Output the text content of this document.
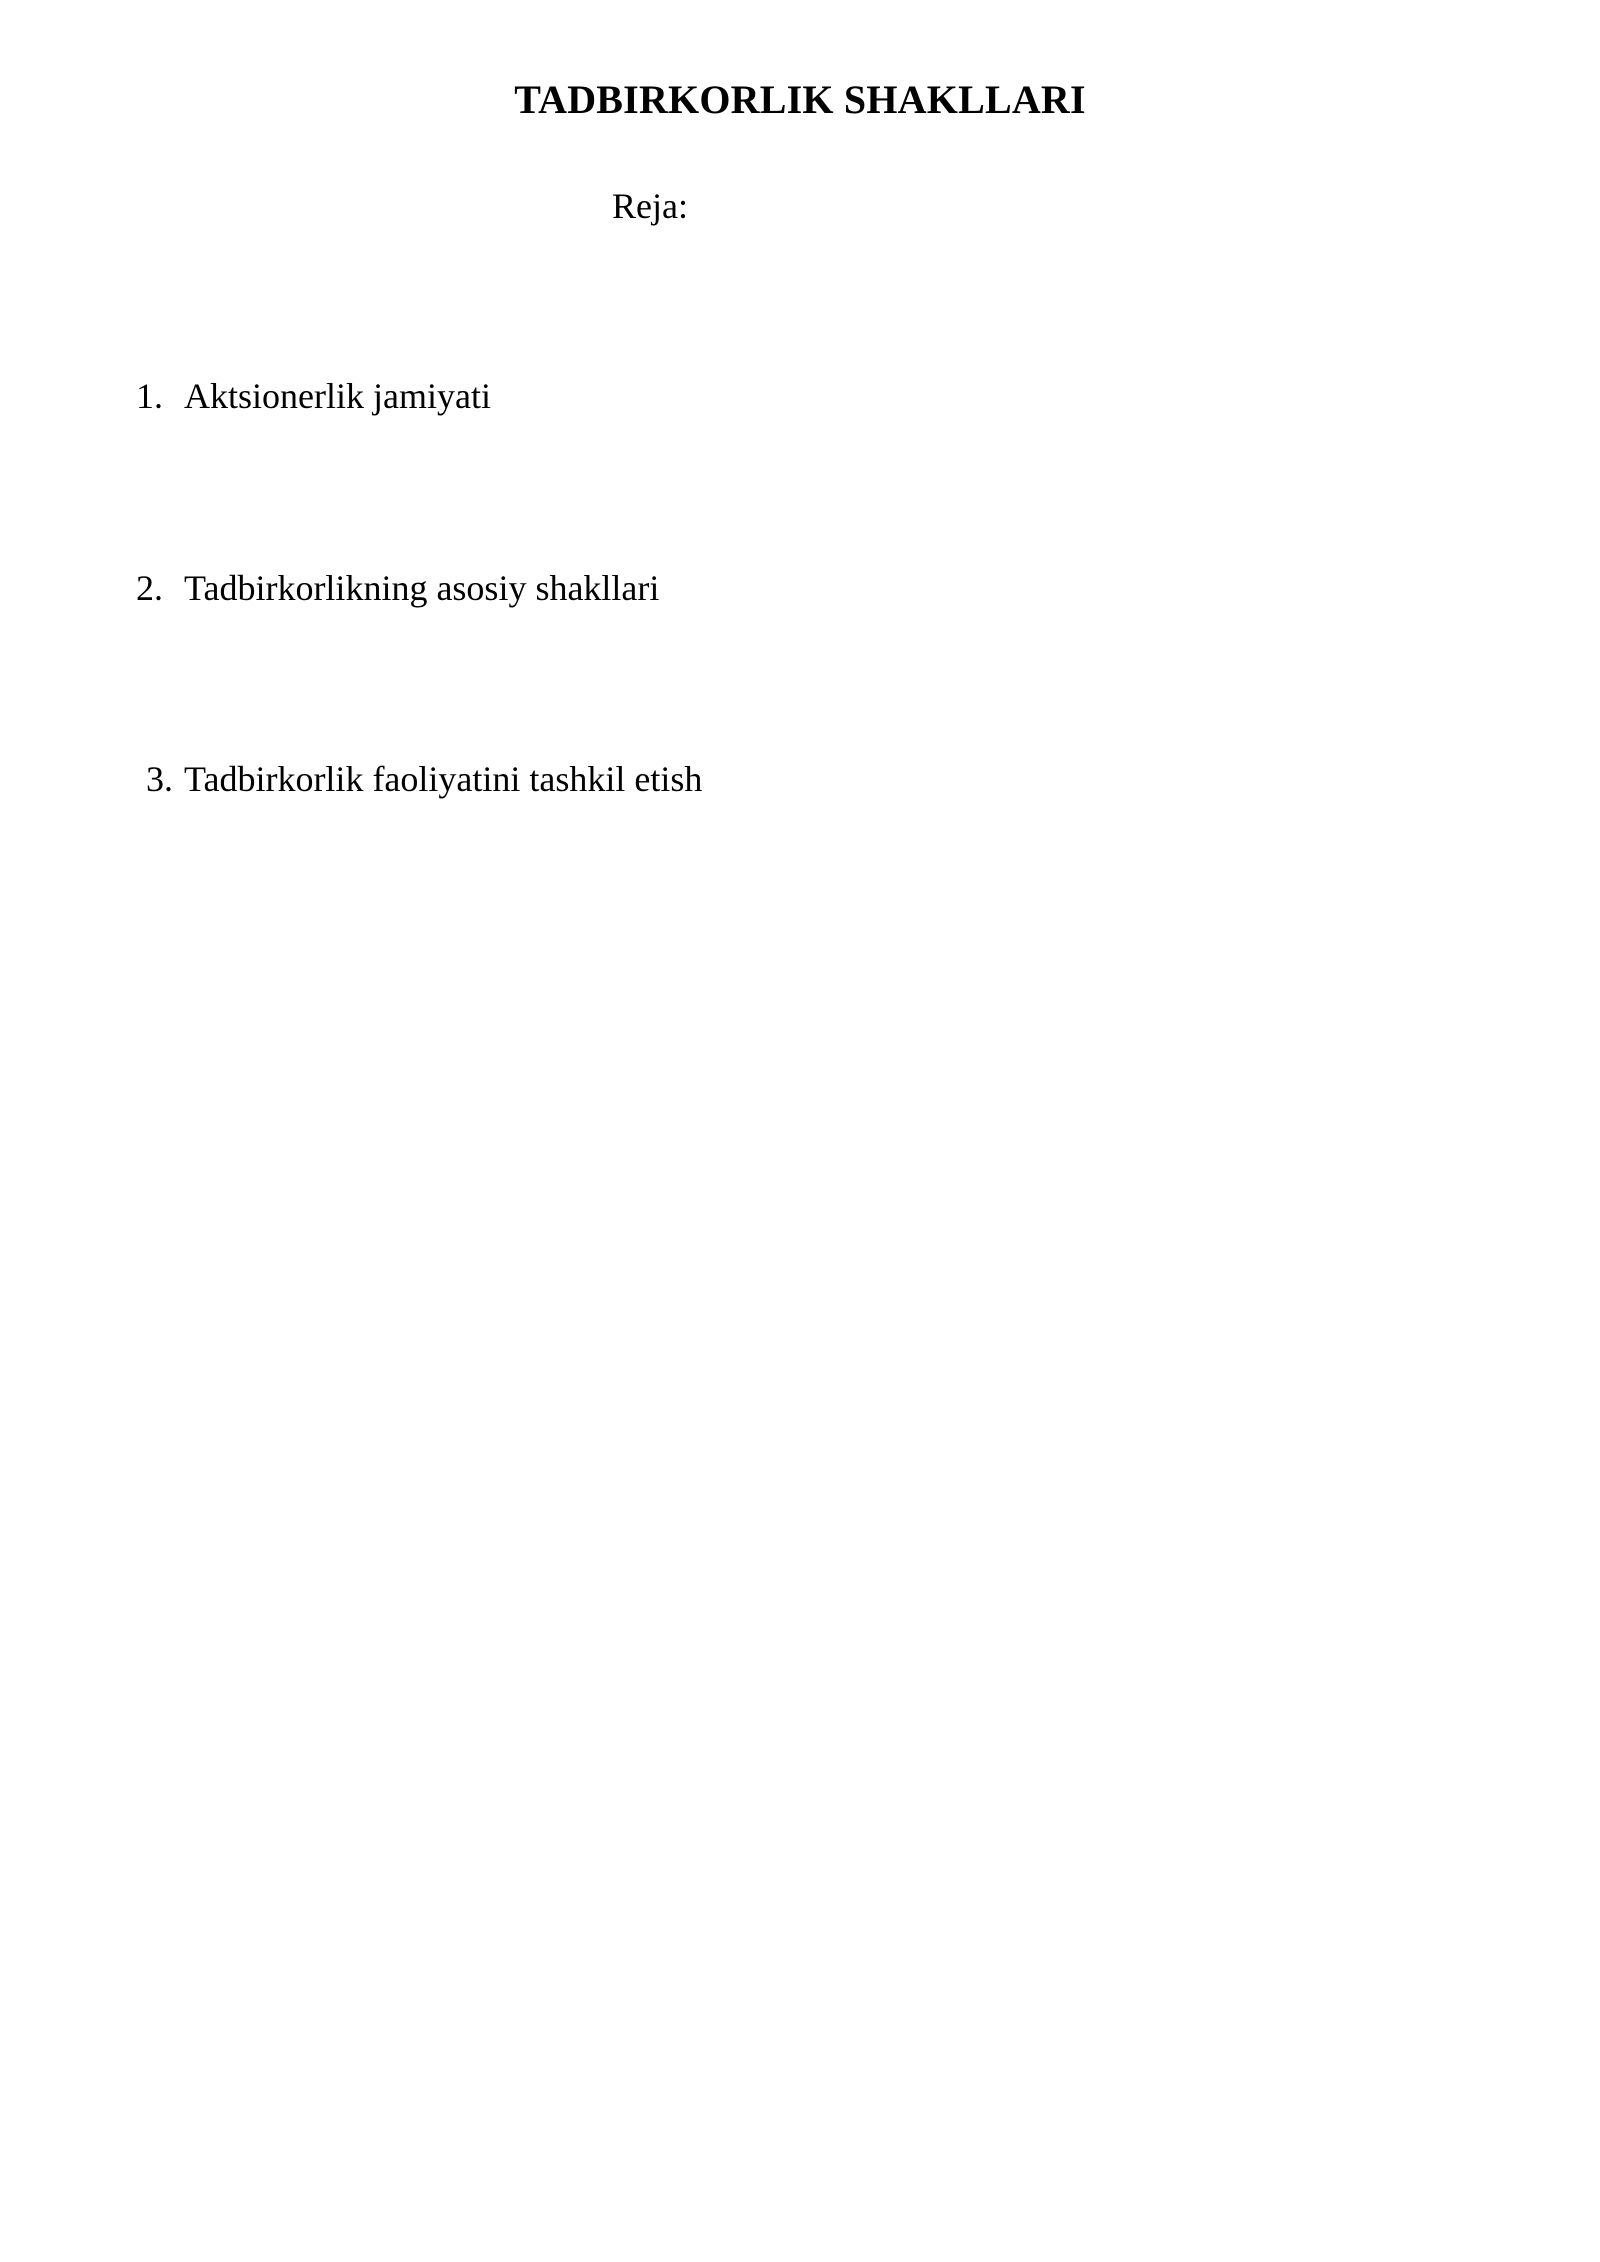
TADBIRKORLIK SHAKLLARI

Reja:

1. Aktsionerlik jamiyati
2. Tadbirkorlikning asosiy shakllari
3. Tadbirkorlik faoliyatini tashkil etish
